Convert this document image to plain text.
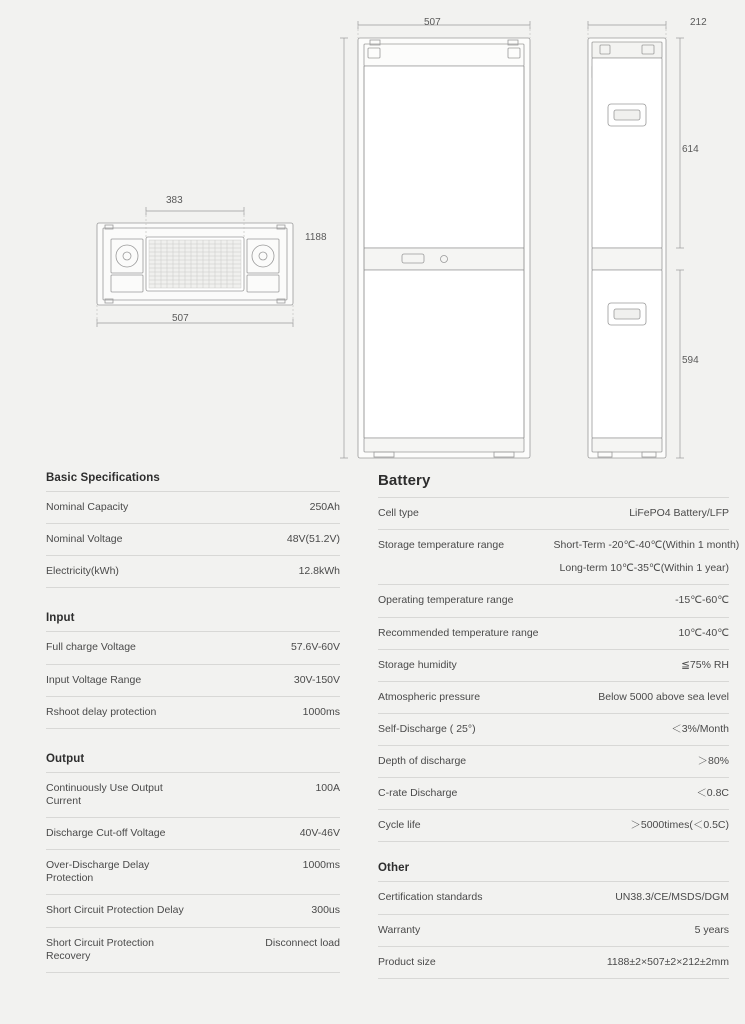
383
507
507
1188
212
614
594
Basic Specifications
Nominal Capacity	250Ah
Nominal Voltage	48V(51.2V)
Electricity(kWh)	12.8kWh
Input
Full charge Voltage	57.6V-60V
Input Voltage Range	30V-150V
Rshoot delay protection	1000ms
Output
Continuously Use Output Current	100A
Discharge Cut-off Voltage	40V-46V
Over-Discharge Delay Protection	1000ms
Short Circuit Protection Delay	300us
Short Circuit Protection Recovery	Disconnect load
Battery
Cell type	LiFePO4 Battery/LFP
Storage temperature range	Short-Term -20℃-40℃(Within 1 month)
Long-term 10℃-35℃(Within 1 year)

Operating temperature range	-15℃-60℃
Recommended temperature range	10℃-40℃
Storage humidity	≦75% RH
Atmospheric pressure	Below 5000 above sea level
Self-Discharge ( 25°)	＜3%/Month
Depth of discharge	＞80%
C-rate Discharge	＜0.8C
Cycle life	＞5000times(＜0.5C)
Other
Certification standards	UN38.3/CE/MSDS/DGM
Warranty	5 years
Product size	1188±2×507±2×212±2mm
